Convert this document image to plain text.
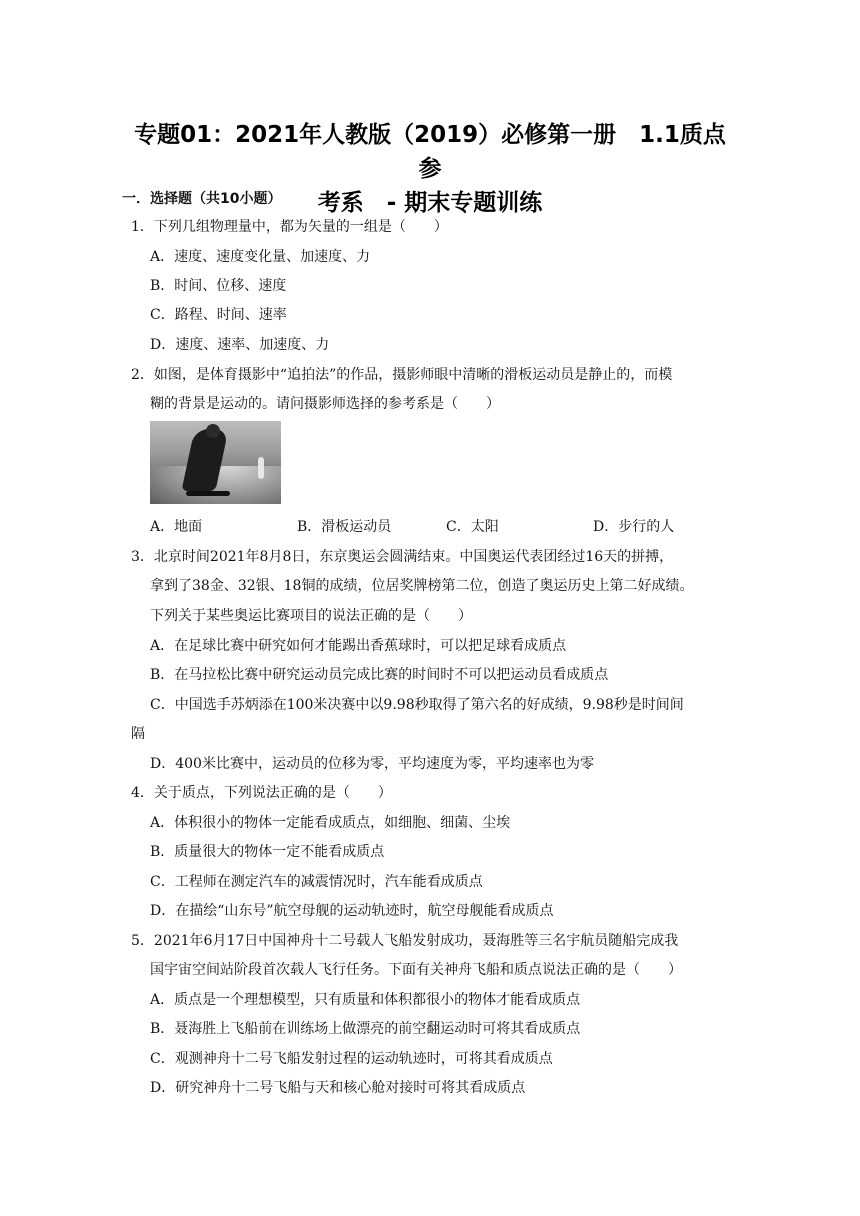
专题01：2021年人教版（2019）必修第一册　1.1质点 参
考系　- 期末专题训练
一．选择题（共10小题）
1．下列几组物理量中，都为矢量的一组是（　　）
A．速度、速度变化量、加速度、力
B．时间、位移、速度
C．路程、时间、速率
D．速度、速率、加速度、力
2．如图，是体育摄影中“追拍法”的作品，摄影师眼中清晰的滑板运动员是静止的，而模
糊的背景是运动的。请问摄影师选择的参考系是（　　）
A．地面	B．滑板运动员	C．太阳	D．步行的人
3．北京时间2021年8月8日，东京奥运会圆满结束。中国奥运代表团经过16天的拼搏，
拿到了38金、32银、18铜的成绩，位居奖牌榜第二位，创造了奥运历史上第二好成绩。
下列关于某些奥运比赛项目的说法正确的是（　　）
A．在足球比赛中研究如何才能踢出香蕉球时，可以把足球看成质点
B．在马拉松比赛中研究运动员完成比赛的时间时不可以把运动员看成质点
C．中国选手苏炳添在100米决赛中以9.98秒取得了第六名的好成绩，9.98秒是时间间
隔
D．400米比赛中，运动员的位移为零，平均速度为零，平均速率也为零
4．关于质点，下列说法正确的是（　　）
A．体积很小的物体一定能看成质点，如细胞、细菌、尘埃
B．质量很大的物体一定不能看成质点
C．工程师在测定汽车的减震情况时，汽车能看成质点
D．在描绘“山东号”航空母舰的运动轨迹时，航空母舰能看成质点
5．2021年6月17日中国神舟十二号载人飞船发射成功，聂海胜等三名宇航员随船完成我
国宇宙空间站阶段首次载人飞行任务。下面有关神舟飞船和质点说法正确的是（　　）
A．质点是一个理想模型，只有质量和体积都很小的物体才能看成质点
B．聂海胜上飞船前在训练场上做漂亮的前空翻运动时可将其看成质点
C．观测神舟十二号飞船发射过程的运动轨迹时，可将其看成质点
D．研究神舟十二号飞船与天和核心舱对接时可将其看成质点
